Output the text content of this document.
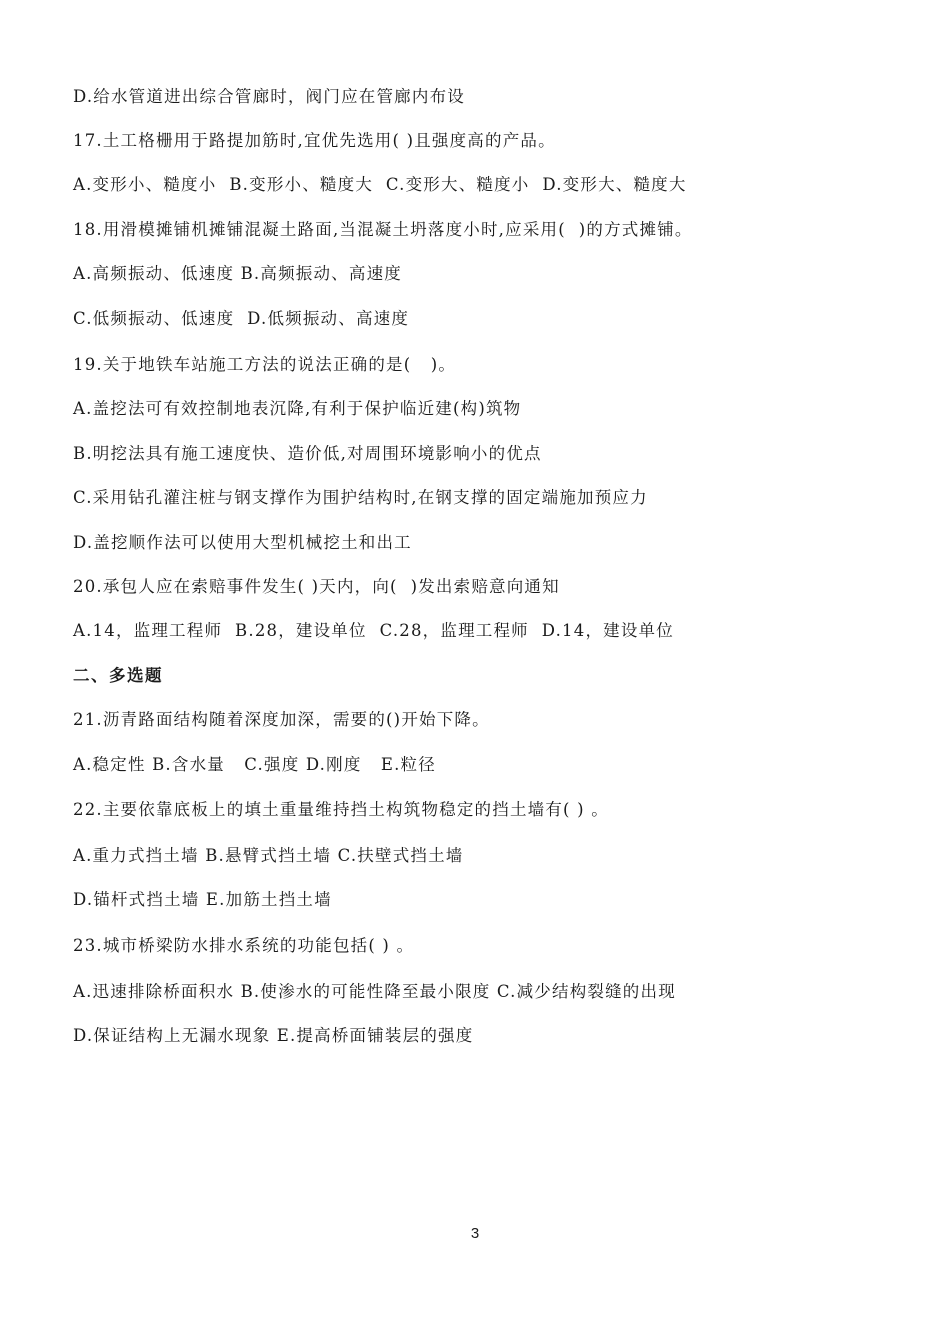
D.给水管道进出综合管廊时，阀门应在管廊内布设
17.土工格栅用于路提加筋时,宜优先选用( )且强度高的产品。
A.变形小、糙度小  B.变形小、糙度大  C.变形大、糙度小  D.变形大、糙度大
18.用滑模摊铺机摊铺混凝土路面,当混凝土坍落度小时,应采用(  )的方式摊铺。
A.高频振动、低速度 B.高频振动、高速度
C.低频振动、低速度  D.低频振动、高速度
19.关于地铁车站施工方法的说法正确的是(   )。
A.盖挖法可有效控制地表沉降,有利于保护临近建(构)筑物
B.明挖法具有施工速度快、造价低,对周围环境影响小的优点
C.采用钻孔灌注桩与钢支撑作为围护结构时,在钢支撑的固定端施加预应力
D.盖挖顺作法可以使用大型机械挖土和出工
20.承包人应在索赔事件发生( )天内，向(  )发出索赔意向通知
A.14，监理工程师  B.28，建设单位  C.28，监理工程师  D.14，建设单位
二、多选题
21.沥青路面结构随着深度加深，需要的()开始下降。
A.稳定性 B.含水量   C.强度 D.刚度   E.粒径
22.主要依靠底板上的填土重量维持挡土构筑物稳定的挡土墙有( ) 。
A.重力式挡土墙 B.悬臂式挡土墙 C.扶壁式挡土墙
D.锚杆式挡土墙 E.加筋土挡土墙
23.城市桥梁防水排水系统的功能包括( ) 。
A.迅速排除桥面积水 B.使渗水的可能性降至最小限度 C.减少结构裂缝的出现
D.保证结构上无漏水现象 E.提高桥面铺装层的强度
3
